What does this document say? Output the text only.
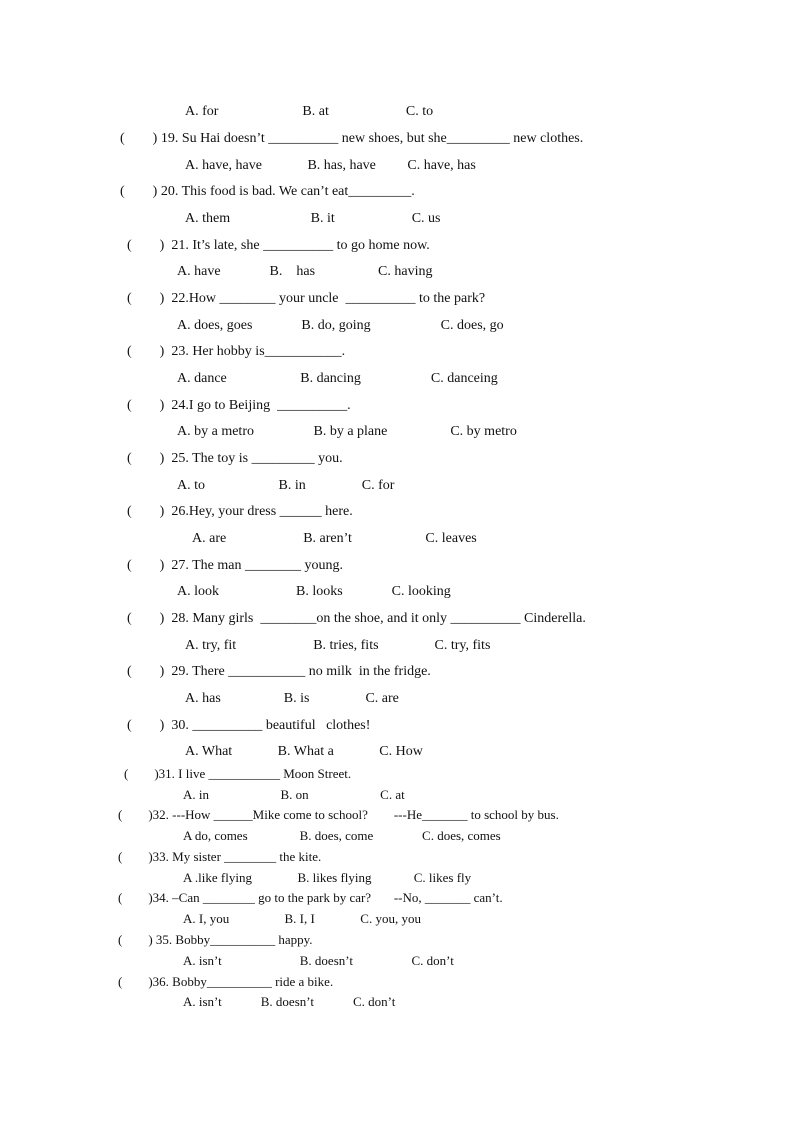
A. for                        B. at                      C. to
(        ) 19. Su Hai doesn’t __________ new shoes, but she_________ new clothes.
A. have, have             B. has, have         C. have, has
(        ) 20. This food is bad. We can’t eat_________.
A. them                       B. it                      C. us
(        )  21. It’s late, she __________ to go home now.
A. have              B.    has                  C. having
(        )  22.How ________ your uncle  __________ to the park?
A. does, goes              B. do, going                    C. does, go
(        )  23. Her hobby is___________.
A. dance                     B. dancing                    C. danceing
(        )  24.I go to Beijing  __________.
A. by a metro                 B. by a plane                  C. by metro
(        )  25. The toy is _________ you.
A. to                     B. in                C. for
(        )  26.Hey, your dress ______ here.
A. are                      B. aren’t                     C. leaves
(        )  27. The man ________ young.
A. look                      B. looks              C. looking
(        )  28. Many girls  ________on the shoe, and it only __________ Cinderella.
A. try, fit                      B. tries, fits                C. try, fits
(        )  29. There ___________ no milk  in the fridge.
A. has                  B. is                C. are
(        )  30. __________ beautiful   clothes!
A. What             B. What a             C. How
(        )31. I live ___________ Moon Street.
A. in                      B. on                      C. at
(        )32. ---How ______Mike come to school?        ---He_______ to school by bus.
A do, comes                B. does, come               C. does, comes
(        )33. My sister ________ the kite.
A .like flying              B. likes flying             C. likes fly
(        )34. –Can ________ go to the park by car?       --No, _______ can’t.
A. I, you                 B. I, I              C. you, you
(        ) 35. Bobby__________ happy.
A. isn’t                        B. doesn’t                  C. don’t
(        )36. Bobby__________ ride a bike.
A. isn’t            B. doesn’t            C. don’t
